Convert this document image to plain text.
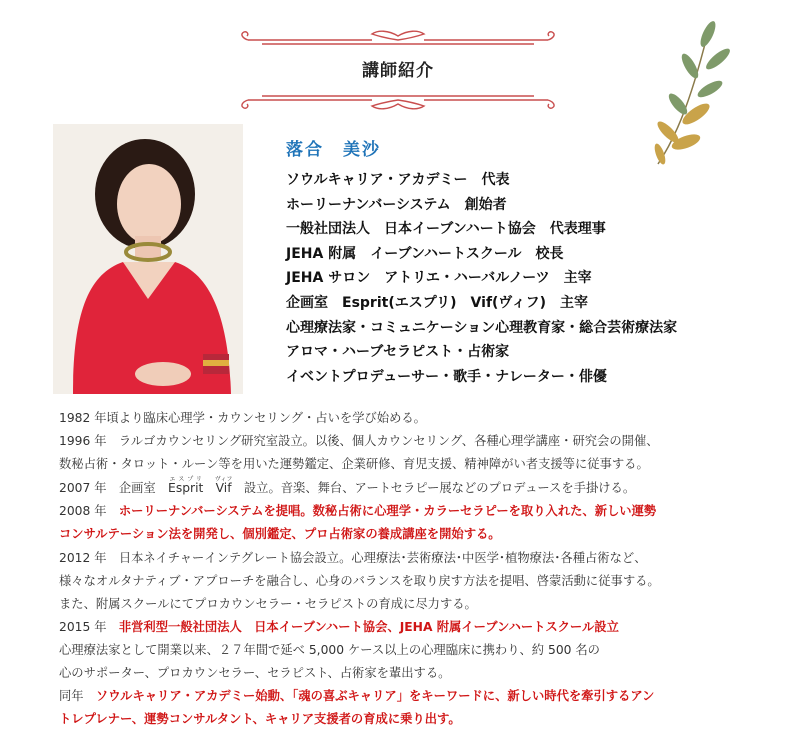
講師紹介
落合　美沙
ソウルキャリア・アカデミー　代表
ホーリーナンバーシステム　創始者
一般社団法人　日本イーブンハート協会　代表理事
JEHA 附属　イーブンハートスクール　校長
JEHA サロン　アトリエ・ハーバルノーツ　主宰
企画室　Esprit(エスプリ)　Vif(ヴィフ)　主宰
心理療法家・コミュニケーション心理教育家・総合芸術療法家
アロマ・ハーブセラピスト・占術家
イベントプロデューサー・歌手・ナレーター・俳優

1982 年頃より臨床心理学・カウンセリング・占いを学び始める。

1996 年　 ラルゴカウンセリング研究室設立。以後、個人カウンセリング、各種心理学講座・研究会の開催、

数秘占術・タロット・ルーン等を用いた運勢鑑定、企業研修、育児支援、精神障がい者支援等に従事する。

2007 年　 企画室　 Espritエスプリ　Vifヴィフ　設立。音楽、舞台、アートセラピー展などのプロデュースを手掛ける。

2008 年　 ホーリーナンバーシステムを提唱。数秘占術に心理学・カラーセラピーを取り入れた、新しい運勢

コンサルテーション法を開発し、個別鑑定、プロ占術家の養成講座を開始する。

2012 年　 日本ネイチャーインテグレート協会設立。心理療法･芸術療法･中医学･植物療法･各種占術など、

様々なオルタナティブ・アプローチを融合し、心身のバランスを取り戻す方法を提唱、啓蒙活動に従事する。

また、附属スクールにてプロカウンセラー・セラピストの育成に尽力する。

2015 年　 非営利型一般社団法人　日本イーブンハート協会、JEHA 附属イーブンハートスクール設立

心理療法家として開業以来、２７年間で延べ 5,000 ケース以上の心理臨床に携わり、約 500 名の

心のサポーター、プロカウンセラー、セラピスト、占術家を輩出する。

同年　 ソウルキャリア・アカデミー始動、「魂の喜ぶキャリア」をキーワードに、新しい時代を牽引するアン

トレプレナー、運勢コンサルタント、キャリア支援者の育成に乗り出す。
